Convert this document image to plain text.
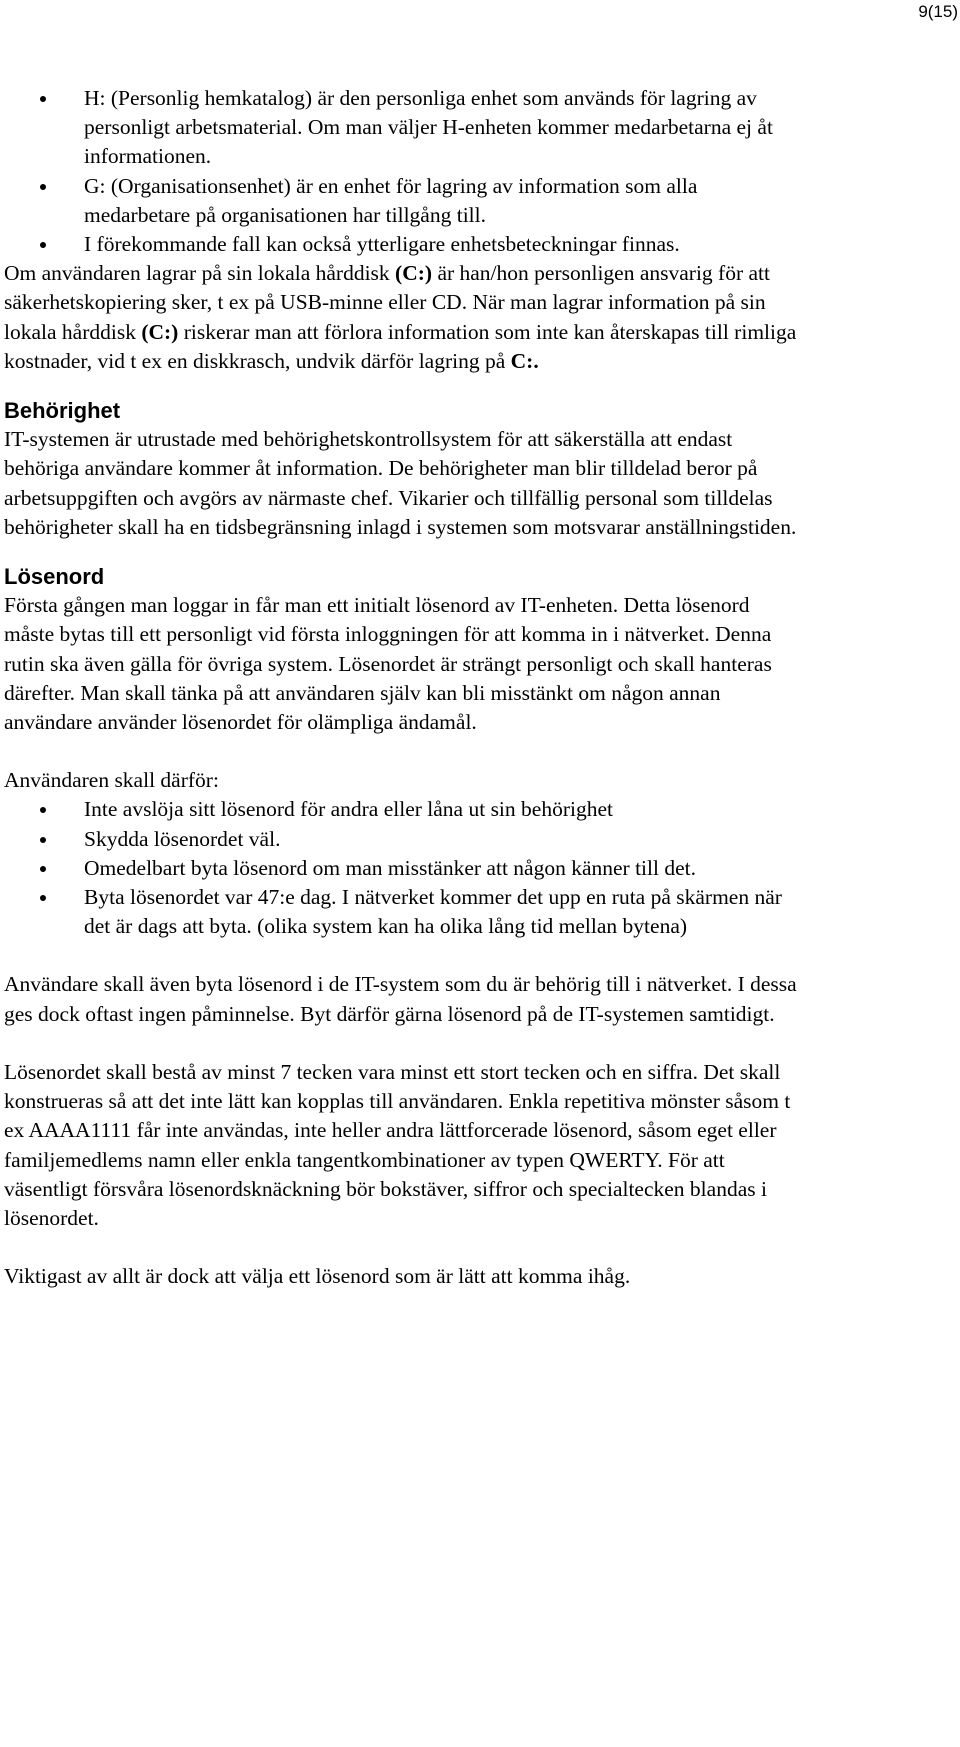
9(15)
H: (Personlig hemkatalog) är den personliga enhet som används för lagring av personligt arbetsmaterial. Om man väljer H-enheten kommer medarbetarna ej åt informationen.
G: (Organisationsenhet) är en enhet för lagring av information som alla medarbetare på organisationen har tillgång till.
I förekommande fall kan också ytterligare enhetsbeteckningar finnas.

Om användaren lagrar på sin lokala hårddisk (C:) är han/hon personligen ansvarig för att säkerhetskopiering sker, t ex på USB-minne eller CD. När man lagrar information på sin lokala hårddisk (C:) riskerar man att förlora information som inte kan återskapas till rimliga kostnader, vid t ex en diskkrasch, undvik därför lagring på C:.

Behörighet

IT-systemen är utrustade med behörighetskontrollsystem för att säkerställa att endast behöriga användare kommer åt information. De behörigheter man blir tilldelad beror på arbetsuppgiften och avgörs av närmaste chef. Vikarier och tillfällig personal som tilldelas behörigheter skall ha en tidsbegränsning inlagd i systemen som motsvarar anställningstiden.

Lösenord

Första gången man loggar in får man ett initialt lösenord av IT-enheten. Detta lösenord måste bytas till ett personligt vid första inloggningen för att komma in i nätverket. Denna rutin ska även gälla för övriga system. Lösenordet är strängt personligt och skall hanteras därefter. Man skall tänka på att användaren själv kan bli misstänkt om någon annan användare använder lösenordet för olämpliga ändamål.

Användaren skall därför:

Inte avslöja sitt lösenord för andra eller låna ut sin behörighet
Skydda lösenordet väl.
Omedelbart byta lösenord om man misstänker att någon känner till det.
Byta lösenordet var 47:e dag. I nätverket kommer det upp en ruta på skärmen när det är dags att byta. (olika system kan ha olika lång tid mellan bytena)

Användare skall även byta lösenord i de IT-system som du är behörig till i nätverket. I dessa ges dock oftast ingen påminnelse. Byt därför gärna lösenord på de IT-systemen samtidigt.

Lösenordet skall bestå av minst 7 tecken vara minst ett stort tecken och en siffra. Det skall konstrueras så att det inte lätt kan kopplas till användaren. Enkla repetitiva mönster såsom t ex AAAA1111 får inte användas, inte heller andra lättforcerade lösenord, såsom eget eller familjemedlems namn eller enkla tangentkombinationer av typen QWERTY. För att väsentligt försvåra lösenordsknäckning bör bokstäver, siffror och specialtecken blandas i lösenordet.

Viktigast av allt är dock att välja ett lösenord som är lätt att komma ihåg.
